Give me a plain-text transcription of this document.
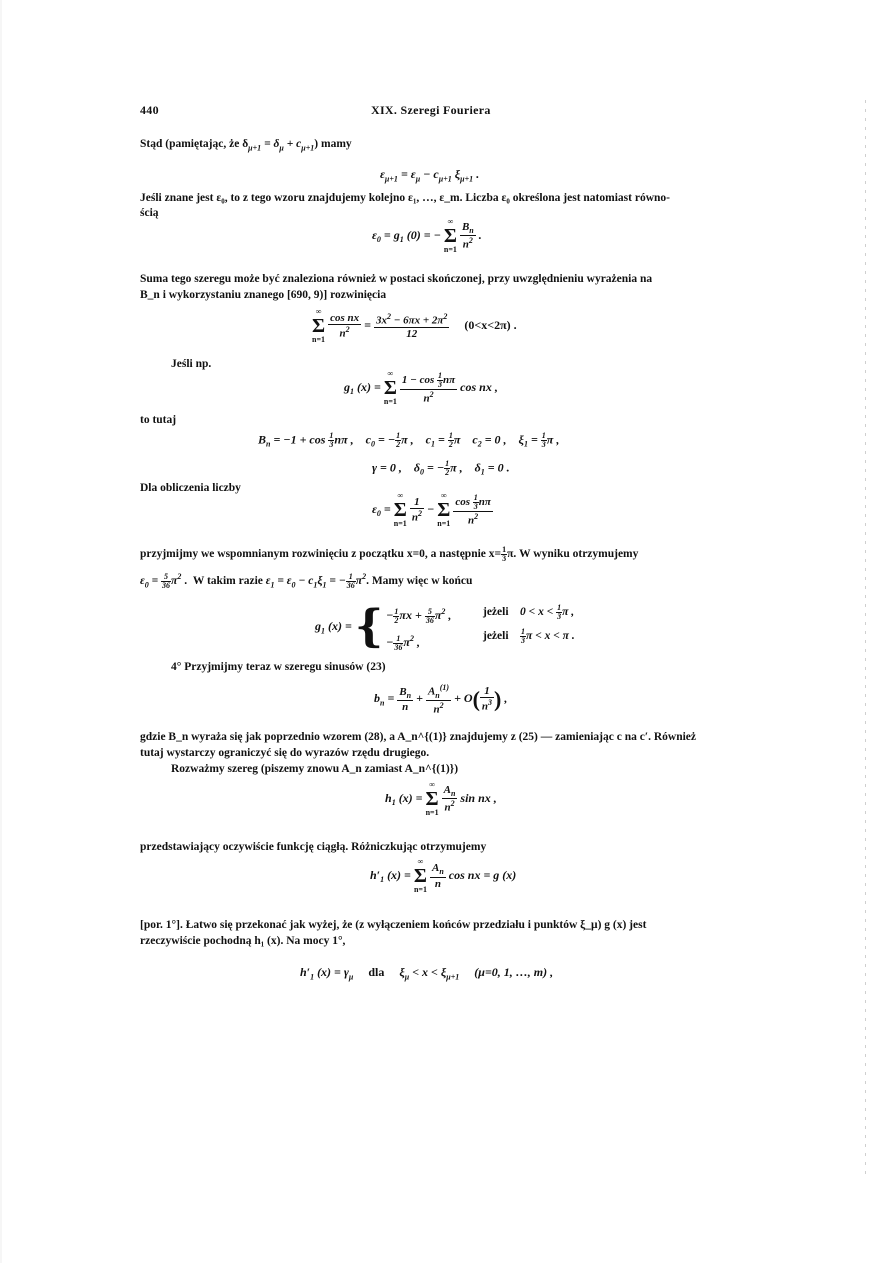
440	XIX. Szeregi Fouriera
Stąd (pamiętając, że $\delta_{\mu+1} = \delta_\mu + c_{\mu+1}$) mamy
$\varepsilon_{\mu+1} = \varepsilon_\mu - c_{\mu+1}$ $\xi_{\mu+1}$ .
Jeśli znane jest ε₀, to z tego wzoru znajdujemy kolejno ε₁, …, ε_m. Liczba ε₀ określona jest natomiast równo-
ścią
$\varepsilon_0 = g_1$ (0) = −
∞
Σ
n=1
$\frac{B_n}{n^2}$ .
Suma tego szeregu może być znaleziona również w postaci skończonej, przy uwzględnieniu wyrażenia na
B_n i wykorzystaniu znanego [690, 9)] rozwinięcia
∞
Σ
n=1
$\frac{\text{cos nx}}{n^2} = \frac{3x^2 - 6\pi x + 2\pi^2}{12} (0<x<2\pi)$ .
Jeśli np.
$g_1$ (x) =
∞
Σ
n=1
$\frac{1 - \cos \frac{1}{3} n\pi}{n^2}$ cos nx ,
to tutaj
$B_n = -1 + \cos \frac{1}{3}$ nπ ,    $c_0$ = − $\frac{1}{2}$ π ,    $c_1 = \frac{1}{2}$ π    $c_2 = 0$ ,    $\xi_1 = \frac{1}{3}$ π ,
γ = 0 ,    $\delta_0$ = − $\frac{1}{2}$ π ,    $\delta_1 = 0$ .
Dla obliczenia liczby
$\varepsilon_0$ =
∞
Σ
n=1
$\frac{1}{n^2}$ −
∞
Σ
n=1
$\frac{\cos \frac{1}{3} n\pi}{n^2}$
przyjmijmy we wspomnianym rozwinięciu z początku x=0, a następnie $x= \frac{1}{3} \pi$. W wyniku otrzymujemy
$\varepsilon_0 = \frac{5}{36} \pi^2$ .  W takim razie $\varepsilon_1 = \varepsilon_0 - c_1\xi_1$ = − $\frac{1}{36} \pi^2$. Mamy więc w końcu
$g_1$ (x) = { − $\frac{1}{2}$ $\pi x + \frac{5}{36} \pi^2$ ,
− $\frac{1}{36} \pi^2$ ,
jeżeli $0 < x < \frac{1}{3}$ π ,
jeżeli $\frac{1}{3}$ π < x < π .
4° Przyjmijmy teraz w szeregu sinusów (23)
$b_n = \frac{B_n}{n} + \frac{A_n^{(1)}}{n^2} + O( \frac{1}{n^3}$ ) ,
gdzie B_n wyraża się jak poprzednio wzorem (28), a A_n^{(1)} znajdujemy z (25) — zamieniając c na c′. Również
tutaj wystarczy ograniczyć się do wyrazów rzędu drugiego.
Rozważmy szereg (piszemy znowu A_n zamiast A_n^{(1)})
$h_1$ (x) =
∞
Σ
n=1
$\frac{A_n}{n^2}$ sin nx ,
przedstawiający oczywiście funkcję ciągłą. Różniczkując otrzymujemy
$h'_1$ (x) =
∞
Σ
n=1
$\frac{A_n}{n}$ cos nx = g (x)
[por. 1°]. Łatwo się przekonać jak wyżej, że (z wyłączeniem końców przedziału i punktów ξ_μ) g (x) jest
rzeczywiście pochodną h₁ (x). Na mocy 1°,
$h'_1$ $(x) = \gamma_\mu$ dla     $\xi_\mu < x < \xi_{\mu+1}$ (μ=0, 1, …, m) ,
